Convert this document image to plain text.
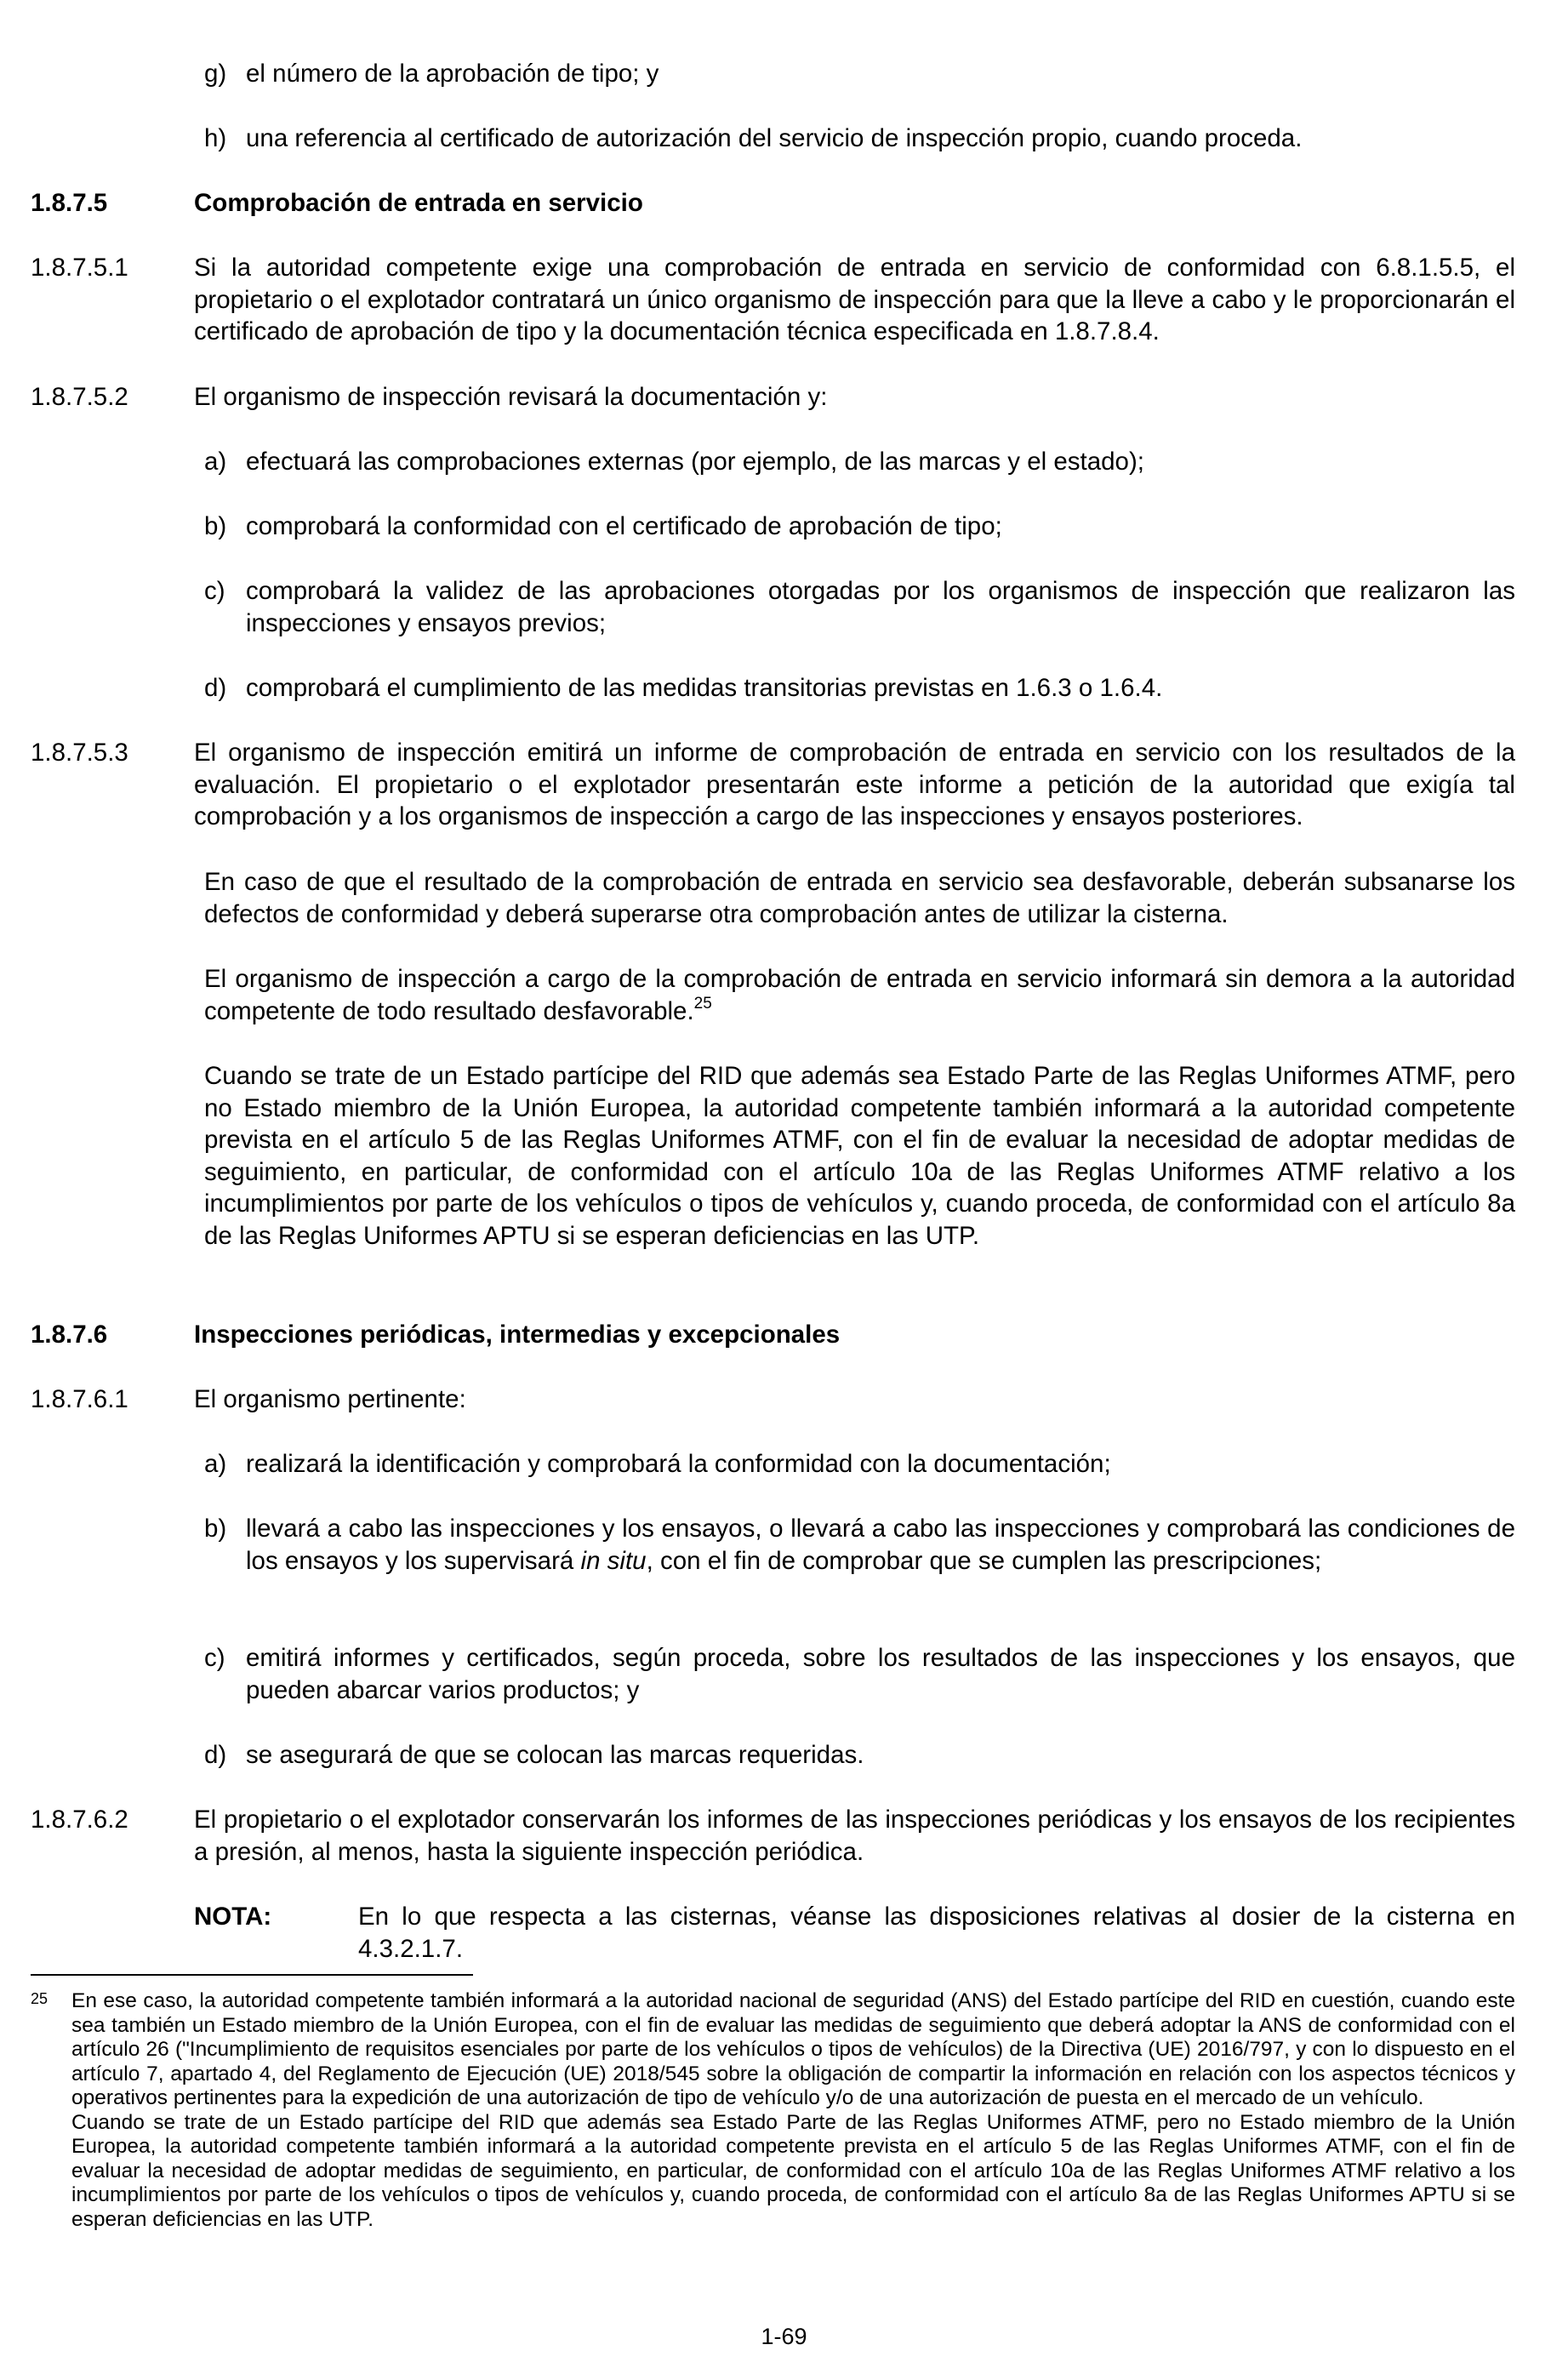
g) el número de la aprobación de tipo; y
h) una referencia al certificado de autorización del servicio de inspección propio, cuando proceda.
1.8.7.5	Comprobación de entrada en servicio
1.8.7.5.1	Si la autoridad competente exige una comprobación de entrada en servicio de conformidad con 6.8.1.5.5, el propietario o el explotador contratará un único organismo de inspección para que la lleve a cabo y le proporcionarán el certificado de aprobación de tipo y la documentación técnica especificada en 1.8.7.8.4.
1.8.7.5.2	El organismo de inspección revisará la documentación y:
a) efectuará las comprobaciones externas (por ejemplo, de las marcas y el estado);
b) comprobará la conformidad con el certificado de aprobación de tipo;
c) comprobará la validez de las aprobaciones otorgadas por los organismos de inspección que realizaron las inspecciones y ensayos previos;
d) comprobará el cumplimiento de las medidas transitorias previstas en 1.6.3 o 1.6.4.
1.8.7.5.3	El organismo de inspección emitirá un informe de comprobación de entrada en servicio con los resultados de la evaluación. El propietario o el explotador presentarán este informe a petición de la autoridad que exigía tal comprobación y a los organismos de inspección a cargo de las inspecciones y ensayos posteriores.
En caso de que el resultado de la comprobación de entrada en servicio sea desfavorable, deberán subsanarse los defectos de conformidad y deberá superarse otra comprobación antes de utilizar la cisterna.
El organismo de inspección a cargo de la comprobación de entrada en servicio informará sin demora a la autoridad competente de todo resultado desfavorable.$^{25}$
Cuando se trate de un Estado partícipe del RID que además sea Estado Parte de las Reglas Uniformes ATMF, pero no Estado miembro de la Unión Europea, la autoridad competente también informará a la autoridad competente prevista en el artículo 5 de las Reglas Uniformes ATMF, con el fin de evaluar la necesidad de adoptar medidas de seguimiento, en particular, de conformidad con el artículo 10a de las Reglas Uniformes ATMF relativo a los incumplimientos por parte de los vehículos o tipos de vehículos y, cuando proceda, de conformidad con el artículo 8a de las Reglas Uniformes APTU si se esperan deficiencias en las UTP.
1.8.7.6	Inspecciones periódicas, intermedias y excepcionales
1.8.7.6.1	El organismo pertinente:
a) realizará la identificación y comprobará la conformidad con la documentación;
b) llevará a cabo las inspecciones y los ensayos, o llevará a cabo las inspecciones y comprobará las condiciones de los ensayos y los supervisará in situ, con el fin de comprobar que se cumplen las prescripciones;
c) emitirá informes y certificados, según proceda, sobre los resultados de las inspecciones y los ensayos, que pueden abarcar varios productos; y
d) se asegurará de que se colocan las marcas requeridas.
1.8.7.6.2	El propietario o el explotador conservarán los informes de las inspecciones periódicas y los ensayos de los recipientes a presión, al menos, hasta la siguiente inspección periódica.
NOTA:	En lo que respecta a las cisternas, véanse las disposiciones relativas al dosier de la cisterna en 4.3.2.1.7.
25 En ese caso, la autoridad competente también informará a la autoridad nacional de seguridad (ANS) del Estado partícipe del RID en cuestión, cuando este sea también un Estado miembro de la Unión Europea, con el fin de evaluar las medidas de seguimiento que deberá adoptar la ANS de conformidad con el artículo 26 ("Incumplimiento de requisitos esenciales por parte de los vehículos o tipos de vehículos) de la Directiva (UE) 2016/797, y con lo dispuesto en el artículo 7, apartado 4, del Reglamento de Ejecución (UE) 2018/545 sobre la obligación de compartir la información en relación con los aspectos técnicos y operativos pertinentes para la expedición de una autorización de tipo de vehículo y/o de una autorización de puesta en el mercado de un vehículo.

Cuando se trate de un Estado partícipe del RID que además sea Estado Parte de las Reglas Uniformes ATMF, pero no Estado miembro de la Unión Europea, la autoridad competente también informará a la autoridad competente prevista en el artículo 5 de las Reglas Uniformes ATMF, con el fin de evaluar la necesidad de adoptar medidas de seguimiento, en particular, de conformidad con el artículo 10a de las Reglas Uniformes ATMF relativo a los incumplimientos por parte de los vehículos o tipos de vehículos y, cuando proceda, de conformidad con el artículo 8a de las Reglas Uniformes APTU si se esperan deficiencias en las UTP.

1-69
